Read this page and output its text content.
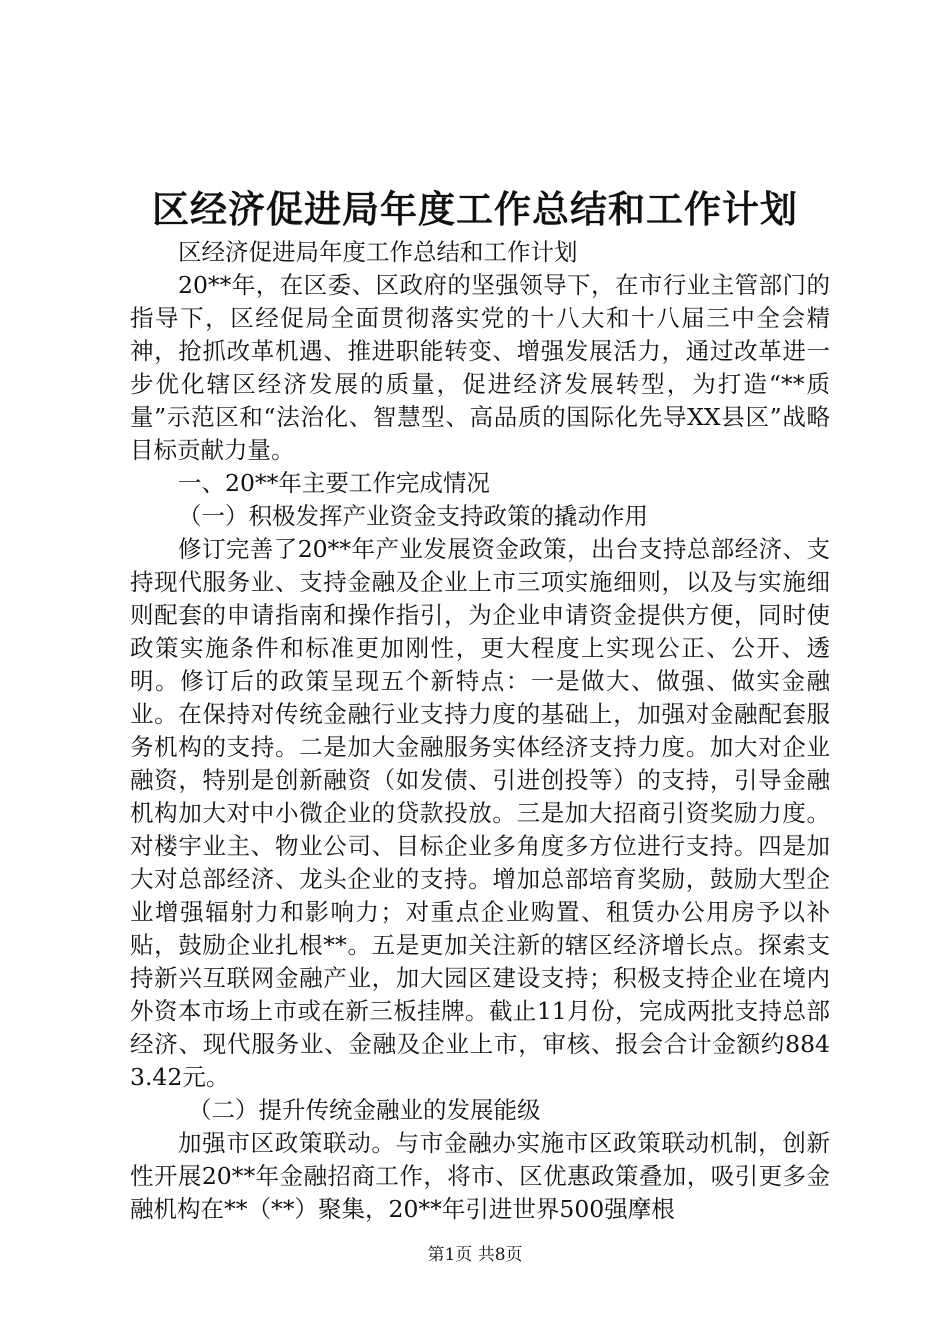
区经济促进局年度工作总结和工作计划

区经济促进局年度工作总结和工作计划

20**年，在区委、区政府的坚强领导下，在市行业主管部门的指导下，区经促局全面贯彻落实党的十八大和十八届三中全会精神，抢抓改革机遇、推进职能转变、增强发展活力，通过改革进一步优化辖区经济发展的质量，促进经济发展转型，为打造“**质量”示范区和“法治化、智慧型、高品质的国际化先导XX县区”战略目标贡献力量。

一、20**年主要工作完成情况

（一）积极发挥产业资金支持政策的撬动作用

修订完善了20**年产业发展资金政策，出台支持总部经济、支持现代服务业、支持金融及企业上市三项实施细则，以及与实施细则配套的申请指南和操作指引，为企业申请资金提供方便，同时使政策实施条件和标准更加刚性，更大程度上实现公正、公开、透明。修订后的政策呈现五个新特点：一是做大、做强、做实金融业。在保持对传统金融行业支持力度的基础上，加强对金融配套服务机构的支持。二是加大金融服务实体经济支持力度。加大对企业融资，特别是创新融资（如发债、引进创投等）的支持，引导金融机构加大对中小微企业的贷款投放。三是加大招商引资奖励力度。对楼宇业主、物业公司、目标企业多角度多方位进行支持。四是加大对总部经济、龙头企业的支持。增加总部培育奖励，鼓励大型企业增强辐射力和影响力；对重点企业购置、租赁办公用房予以补贴，鼓励企业扎根**。五是更加关注新的辖区经济增长点。探索支持新兴互联网金融产业，加大园区建设支持；积极支持企业在境内外资本市场上市或在新三板挂牌。截止11月份，完成两批支持总部经济、现代服务业、金融及企业上市，审核、报会合计金额约8843.42元。

（二）提升传统金融业的发展能级

加强市区政策联动。与市金融办实施市区政策联动机制，创新性开展20**年金融招商工作，将市、区优惠政策叠加，吸引更多金融机构在**（**）聚集，20**年引进世界500强摩根

第1页 共8页
